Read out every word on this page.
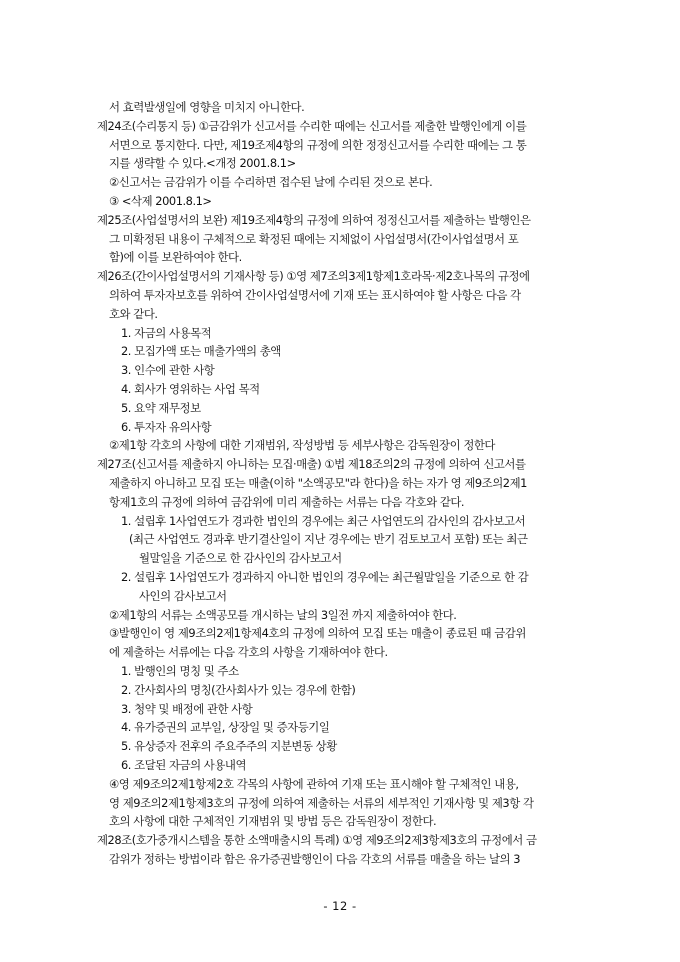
서 효력발생일에 영향을 미치지 아니한다.
제24조(수리통지 등) ①금감위가 신고서를 수리한 때에는 신고서를 제출한 발행인에게 이를
서면으로 통지한다. 다만, 제19조제4항의 규정에 의한 정정신고서를 수리한 때에는 그 통
지를 생략할 수 있다.<개정 2001.8.1>
②신고서는 금감위가 이를 수리하면 접수된 날에 수리된 것으로 본다.
③ <삭제 2001.8.1>
제25조(사업설명서의 보완) 제19조제4항의 규정에 의하여 정정신고서를 제출하는 발행인은
그 미확정된 내용이 구체적으로 확정된 때에는 지체없이 사업설명서(간이사업설명서 포
함)에 이를 보완하여야 한다.
제26조(간이사업설명서의 기재사항 등) ①영 제7조의3제1항제1호라목·제2호나목의 규정에
의하여 투자자보호를 위하여 간이사업설명서에 기재 또는 표시하여야 할 사항은 다음 각
호와 같다.
1. 자금의 사용목적
2. 모집가액 또는 매출가액의 총액
3. 인수에 관한 사항
4. 회사가 영위하는 사업 목적
5. 요약 재무정보
6. 투자자 유의사항
②제1항 각호의 사항에 대한 기재범위, 작성방법 등 세부사항은 감독원장이 정한다
제27조(신고서를 제출하지 아니하는 모집·매출) ①법 제18조의2의 규정에 의하여 신고서를
제출하지 아니하고 모집 또는 매출(이하 "소액공모"라 한다)을 하는 자가 영 제9조의2제1
항제1호의 규정에 의하여 금감위에 미리 제출하는 서류는 다음 각호와 같다.
1. 설립후 1사업연도가 경과한 법인의 경우에는 최근 사업연도의 감사인의 감사보고서
(최근 사업연도 경과후 반기결산일이 지난 경우에는 반기 검토보고서 포함) 또는 최근
월말일을 기준으로 한 감사인의 감사보고서
2. 설립후 1사업연도가 경과하지 아니한 법인의 경우에는 최근월말일을 기준으로 한 감
사인의 감사보고서
②제1항의 서류는 소액공모를 개시하는 날의 3일전 까지 제출하여야 한다.
③발행인이 영 제9조의2제1항제4호의 규정에 의하여 모집 또는 매출이 종료된 때 금감위
에 제출하는 서류에는 다음 각호의 사항을 기재하여야 한다.
1. 발행인의 명칭 및 주소
2. 간사회사의 명칭(간사회사가 있는 경우에 한함)
3. 청약 및 배정에 관한 사항
4. 유가증권의 교부일, 상장일 및 증자등기일
5. 유상증자 전후의 주요주주의 지분변동 상황
6. 조달된 자금의 사용내역
④영 제9조의2제1항제2호 각목의 사항에 관하여 기재 또는 표시해야 할 구체적인 내용,
영 제9조의2제1항제3호의 규정에 의하여 제출하는 서류의 세부적인 기재사항 및 제3항 각
호의 사항에 대한 구체적인 기재범위 및 방법 등은 감독원장이 정한다.
제28조(호가중개시스템을 통한 소액매출시의 특례) ①영 제9조의2제3항제3호의 규정에서 금
감위가 정하는 방법이라 함은 유가증권발행인이 다음 각호의 서류를 매출을 하는 날의 3
- 12 -
